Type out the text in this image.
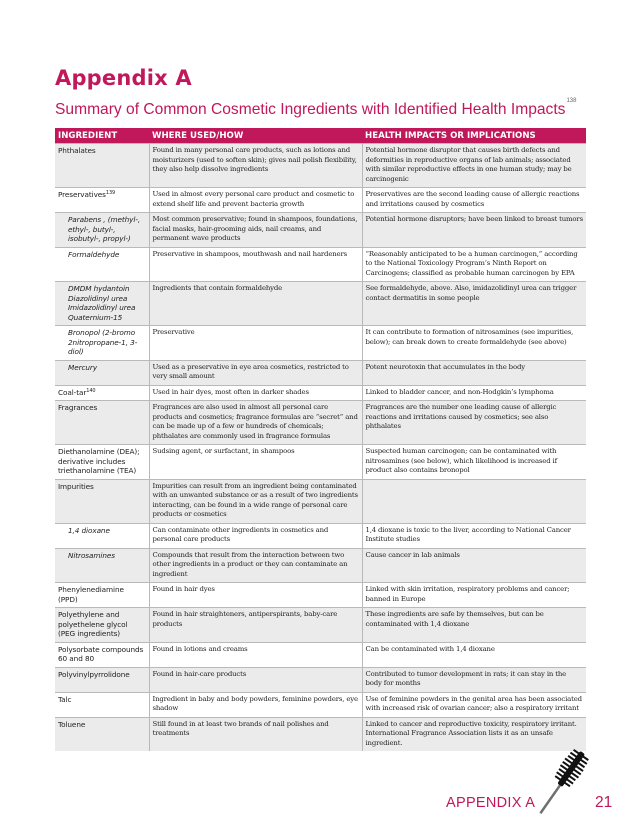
Appendix A
Summary of Common Cosmetic Ingredients with Identified Health Impacts$^{138}$
INGREDIENT	WHERE USED/HOW	HEALTH IMPACTS OR IMPLICATIONS
Phthalates	Found in many personal care products, such as lotions and moisturizers (used to soften skin); gives nail polish flexibility, they also help dissolve ingredients	Potential hormone disruptor that causes birth defects and deformities in reproductive organs of lab animals; associated with similar reproductive effects in one human study; may be carcinogenic
Preservatives$^{139}$	Used in almost every personal care product and cosmetic to extend shelf life and prevent bacteria growth	Preservatives are the second leading cause of allergic reactions and irritations caused by cosmetics
Parabens , (methyl-, ethyl-, butyl-, isobutyl-, propyl-)	Most common preservative; found in shampoos, foundations, facial masks, hair-grooming aids, nail creams, and permanent wave products	Potential hormone disruptors; have been linked to breast tumors
Formaldehyde	Preservative in shampoos, mouthwash and nail hardeners	“Reasonably anticipated to be a human carcinogen,” according to the National Toxicology Program’s Ninth Report on Carcinogens; classified as probable human carcinogen by EPA
DMDM hydantoin Diazolidinyl urea Imidazolidinyl urea Quaternium-15	Ingredients that contain formaldehyde	See formaldehyde, above. Also, imidazolidinyl urea can trigger contact dermatitis in some people
Bronopol (2-bromo 2nitropropane-1, 3-diol)	Preservative	It can contribute to formation of nitrosamines (see impurities, below); can break down to create formaldehyde (see above)
Mercury	Used as a preservative in eye area cosmetics, restricted to very small amount	Potent neurotoxin that accumulates in the body
Coal-tar$^{140}$	Used in hair dyes, most often in darker shades	Linked to bladder cancer, and non-Hodgkin’s lymphoma
Fragrances	Fragrances are also used in almost all personal care products and cosmetics; fragrance formulas are “secret” and can be made up of a few or hundreds of chemicals; phthalates are commonly used in fragrance formulas	Fragrances are the number one leading cause of allergic reactions and irritations caused by cosmetics; see also phthalates
Diethanolamine (DEA); derivative includes triethanolamine (TEA)	Sudsing agent, or surfactant, in shampoos	Suspected human carcinogen; can be contaminated with nitrosamines (see below), which likelihood is increased if product also contains bronopol
Impurities	Impurities can result from an ingredient being contaminated with an unwanted substance or as a result of two ingredients interacting, can be found in a wide range of personal care products or cosmetics	
1,4 dioxane	Can contaminate other ingredients in cosmetics and personal care products	1,4 dioxane is toxic to the liver, according to National Cancer Institute studies
Nitrosamines	Compounds that result from the interaction between two other ingredients in a product or they can contaminate an ingredient	Cause cancer in lab animals
Phenylenediamine (PPD)	Found in hair dyes	Linked with skin irritation, respiratory problems and cancer; banned in Europe
Polyethylene and polyethelene glycol (PEG ingredients)	Found in hair straighteners, antiperspirants, baby-care products	These ingredients are safe by themselves, but can be contaminated with 1,4 dioxane
Polysorbate compounds 60 and 80	Found in lotions and creams	Can be contaminated with 1,4 dioxane
Polyvinylpyrrolidone	Found in hair-care products	Contributed to tumor development in rats; it can stay in the body for months
Talc	Ingredient in baby and body powders, feminine powders, eye shadow	Use of feminine powders in the genital area has been associated with increased risk of ovarian cancer; also a respiratory irritant
Toluene	Still found in at least two brands of nail polishes and treatments	Linked to cancer and reproductive toxicity, respiratory irritant. International Fragrance Association lists it as an unsafe ingredient.
APPENDIX A	21
